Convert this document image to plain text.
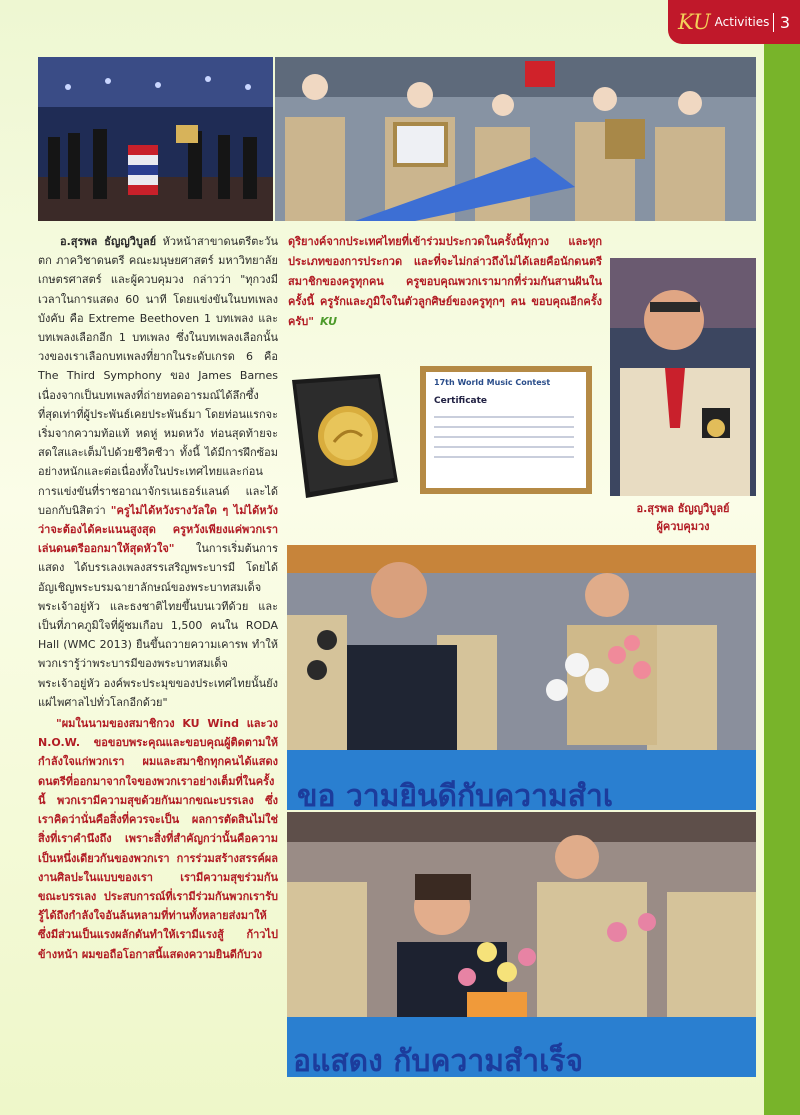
KU Activities 3

อ.สุรพล ธัญญวิบูลย์ หัวหน้าสาขาดนตรีตะวันตก ภาควิชาดนตรี คณะมนุษยศาสตร์ มหาวิทยาลัยเกษตรศาสตร์ และผู้ควบคุมวง กล่าวว่า "ทุกวงมีเวลาในการแสดง 60 นาที โดยแข่งขันในบทเพลงบังคับ คือ Extreme Beethoven 1 บทเพลง และบทเพลงเลือกอีก 1 บทเพลง ซึ่งในบทเพลงเลือกนั้น วงของเราเลือกบทเพลงที่ยากในระดับเกรด 6 คือ The Third Symphony ของ James Barnes เนื่องจากเป็นบทเพลงที่ถ่ายทอดอารมณ์ได้ลึกซึ้งที่สุดเท่าที่ผู้ประพันธ์เคยประพันธ์มา โดยท่อนแรกจะเริ่มจากความท้อแท้ หดหู่ หมดหวัง ท่อนสุดท้ายจะสดใสและเต็มไปด้วยชีวิตชีวา ทั้งนี้ ได้มีการฝึกซ้อมอย่างหนักและต่อเนื่องทั้งในประเทศไทยและก่อนการแข่งขันที่ราชอาณาจักรเนเธอร์แลนด์ และได้บอกกับนิสิตว่า "ครูไม่ได้หวังรางวัลใด ๆ ไม่ได้หวังว่าจะต้องได้คะแนนสูงสุด ครูหวังเพียงแค่พวกเราเล่นดนตรีออกมาให้สุดหัวใจ" ในการเริ่มต้นการแสดง ได้บรรเลงเพลงสรรเสริญพระบารมี โดยได้อัญเชิญพระบรมฉายาลักษณ์ของพระบาทสมเด็จพระเจ้าอยู่หัว และธงชาติไทยขึ้นบนเวทีด้วย และเป็นที่ภาคภูมิใจที่ผู้ชมเกือบ 1,500 คนใน RODA Hall (WMC 2013) ยืนขึ้นถวายความเคารพ ทำให้พวกเรารู้ว่าพระบารมีของพระบาทสมเด็จพระเจ้าอยู่หัว องค์พระประมุขของประเทศไทยนั้นยังแผ่ไพศาลไปทั่วโลกอีกด้วย"

"ผมในนามของสมาชิกวง KU Wind และวง N.O.W. ขอขอบพระคุณและขอบคุณผู้ติดตามให้กำลังใจแก่พวกเรา ผมและสมาชิกทุกคนได้แสดงดนตรีที่ออกมาจากใจของพวกเราอย่างเต็มที่ในครั้งนี้ พวกเรามีความสุขด้วยกันมากขณะบรรเลง ซึ่งเราคิดว่านั่นคือสิ่งที่ควรจะเป็น ผลการตัดสินไม่ใช่สิ่งที่เราคำนึงถึง เพราะสิ่งที่สำคัญกว่านั้นคือความเป็นหนึ่งเดียวกันของพวกเรา การร่วมสร้างสรรค์ผลงานศิลปะในแบบของเรา เรามีความสุขร่วมกันขณะบรรเลง ประสบการณ์ที่เรามีร่วมกันพวกเรารับรู้ได้ถึงกำลังใจอันล้นหลามที่ท่านทั้งหลายส่งมาให้ ซึ่งมีส่วนเป็นแรงผลักดันทำให้เรามีแรงสู้ ก้าวไปข้างหน้า ผมขอถือโอกาสนี้แสดงความยินดีกับวง

ดุริยางค์จากประเทศไทยที่เข้าร่วมประกวดในครั้งนี้ทุกวง และทุกประเภทของการประกวด และที่จะไม่กล่าวถึงไม่ได้เลยคือนักดนตรีสมาชิกของครูทุกคน ครูขอบคุณพวกเรามากที่ร่วมกันสานฝันในครั้งนี้ ครูรักและภูมิใจในตัวลูกศิษย์ของครูทุกๆ คน ขอบคุณอีกครั้งครับ" KU
17th World Music Contest
Certificate
อ.สุรพล ธัญญวิบูลย์
ผู้ควบคุมวง
ขอ วามยินดีกับความสำเ
อแสดง กับความสำเร็จ
